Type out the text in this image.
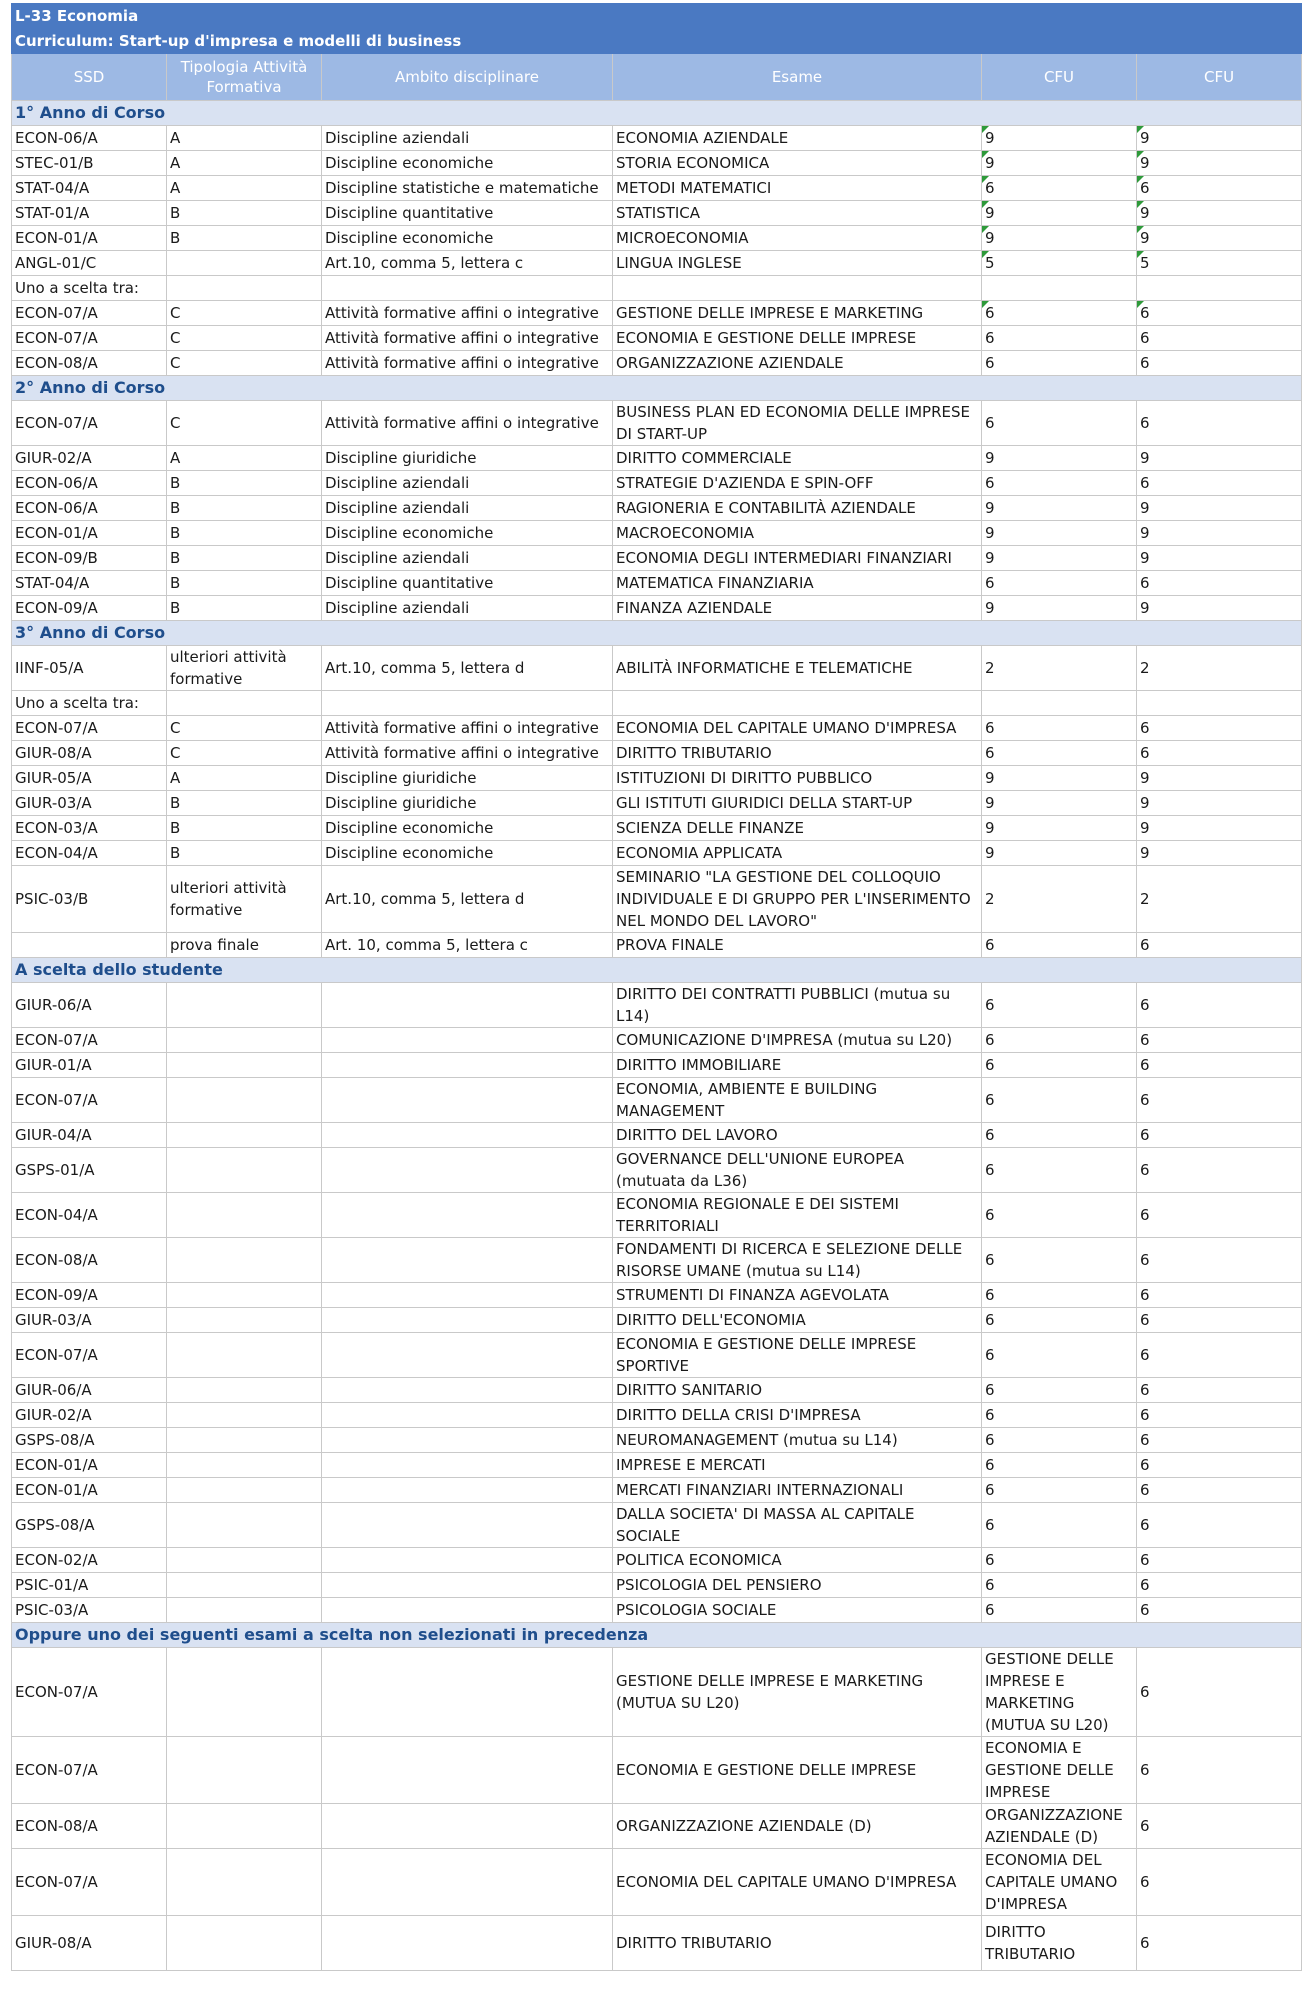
L-33 Economia					
Curriculum: Start-up d'impresa e modelli di business					
SSD	Tipologia Attività Formativa	Ambito disciplinare	Esame	CFU	CFU
1° Anno di Corso					
ECON-06/A	A	Discipline aziendali	ECONOMIA AZIENDALE	9	9
STEC-01/B	A	Discipline economiche	STORIA ECONOMICA	9	9
STAT-04/A	A	Discipline statistiche e matematiche	METODI MATEMATICI	6	6
STAT-01/A	B	Discipline quantitative	STATISTICA	9	9
ECON-01/A	B	Discipline economiche	MICROECONOMIA	9	9
ANGL-01/C		Art.10, comma 5, lettera c	LINGUA INGLESE	5	5
Uno a scelta tra:					
ECON-07/A	C	Attività formative affini o integrative	GESTIONE DELLE IMPRESE E MARKETING	6	6
ECON-07/A	C	Attività formative affini o integrative	ECONOMIA E GESTIONE DELLE IMPRESE	6	6
ECON-08/A	C	Attività formative affini o integrative	ORGANIZZAZIONE AZIENDALE	6	6
2° Anno di Corso					
ECON-07/A	C	Attività formative affini o integrative	BUSINESS PLAN ED ECONOMIA DELLE IMPRESE DI START-UP	6	6
GIUR-02/A	A	Discipline giuridiche	DIRITTO COMMERCIALE	9	9
ECON-06/A	B	Discipline aziendali	STRATEGIE D'AZIENDA E SPIN-OFF	6	6
ECON-06/A	B	Discipline aziendali	RAGIONERIA E CONTABILITÀ AZIENDALE	9	9
ECON-01/A	B	Discipline economiche	MACROECONOMIA	9	9
ECON-09/B	B	Discipline aziendali	ECONOMIA DEGLI INTERMEDIARI FINANZIARI	9	9
STAT-04/A	B	Discipline quantitative	MATEMATICA FINANZIARIA	6	6
ECON-09/A	B	Discipline aziendali	FINANZA AZIENDALE	9	9
3° Anno di Corso					
IINF-05/A	ulteriori attività formative	Art.10, comma 5, lettera d	ABILITÀ INFORMATICHE E TELEMATICHE	2	2
Uno a scelta tra:					
ECON-07/A	C	Attività formative affini o integrative	ECONOMIA DEL CAPITALE UMANO D'IMPRESA	6	6
GIUR-08/A	C	Attività formative affini o integrative	DIRITTO TRIBUTARIO	6	6
GIUR-05/A	A	Discipline giuridiche	ISTITUZIONI DI DIRITTO PUBBLICO	9	9
GIUR-03/A	B	Discipline giuridiche	GLI ISTITUTI GIURIDICI DELLA START-UP	9	9
ECON-03/A	B	Discipline economiche	SCIENZA DELLE FINANZE	9	9
ECON-04/A	B	Discipline economiche	ECONOMIA APPLICATA	9	9
PSIC-03/B	ulteriori attività formative	Art.10, comma 5, lettera d	SEMINARIO "LA GESTIONE DEL COLLOQUIO INDIVIDUALE E DI GRUPPO PER L'INSERIMENTO NEL MONDO DEL LAVORO"	2	2
	prova finale	Art. 10, comma 5, lettera c	PROVA FINALE	6	6
A scelta dello studente					
GIUR-06/A			DIRITTO DEI CONTRATTI PUBBLICI (mutua su L14)	6	6
ECON-07/A			COMUNICAZIONE D'IMPRESA (mutua su L20)	6	6
GIUR-01/A			DIRITTO IMMOBILIARE	6	6
ECON-07/A			ECONOMIA, AMBIENTE E BUILDING MANAGEMENT	6	6
GIUR-04/A			DIRITTO DEL LAVORO	6	6
GSPS-01/A			GOVERNANCE DELL'UNIONE EUROPEA (mutuata da L36)	6	6
ECON-04/A			ECONOMIA REGIONALE E DEI SISTEMI TERRITORIALI	6	6
ECON-08/A			FONDAMENTI DI RICERCA E SELEZIONE DELLE RISORSE UMANE (mutua su L14)	6	6
ECON-09/A			STRUMENTI DI FINANZA AGEVOLATA	6	6
GIUR-03/A			DIRITTO DELL'ECONOMIA	6	6
ECON-07/A			ECONOMIA E GESTIONE DELLE IMPRESE SPORTIVE	6	6
GIUR-06/A			DIRITTO SANITARIO	6	6
GIUR-02/A			DIRITTO DELLA CRISI D'IMPRESA	6	6
GSPS-08/A			NEUROMANAGEMENT (mutua su L14)	6	6
ECON-01/A			IMPRESE E MERCATI	6	6
ECON-01/A			MERCATI FINANZIARI INTERNAZIONALI	6	6
GSPS-08/A			DALLA SOCIETA' DI MASSA AL CAPITALE SOCIALE	6	6
ECON-02/A			POLITICA ECONOMICA	6	6
PSIC-01/A			PSICOLOGIA DEL PENSIERO	6	6
PSIC-03/A			PSICOLOGIA SOCIALE	6	6
Oppure uno dei seguenti esami a scelta non selezionati in precedenza					
ECON-07/A			GESTIONE DELLE IMPRESE E MARKETING (MUTUA SU L20)	GESTIONE DELLE IMPRESE E MARKETING (MUTUA SU L20)	6
ECON-07/A			ECONOMIA E GESTIONE DELLE IMPRESE	ECONOMIA E GESTIONE DELLE IMPRESE	6
ECON-08/A			ORGANIZZAZIONE AZIENDALE (D)	ORGANIZZAZIONE AZIENDALE (D)	6
ECON-07/A			ECONOMIA DEL CAPITALE UMANO D'IMPRESA	ECONOMIA DEL CAPITALE UMANO D'IMPRESA	6
GIUR-08/A			DIRITTO TRIBUTARIO	DIRITTO TRIBUTARIO	6
